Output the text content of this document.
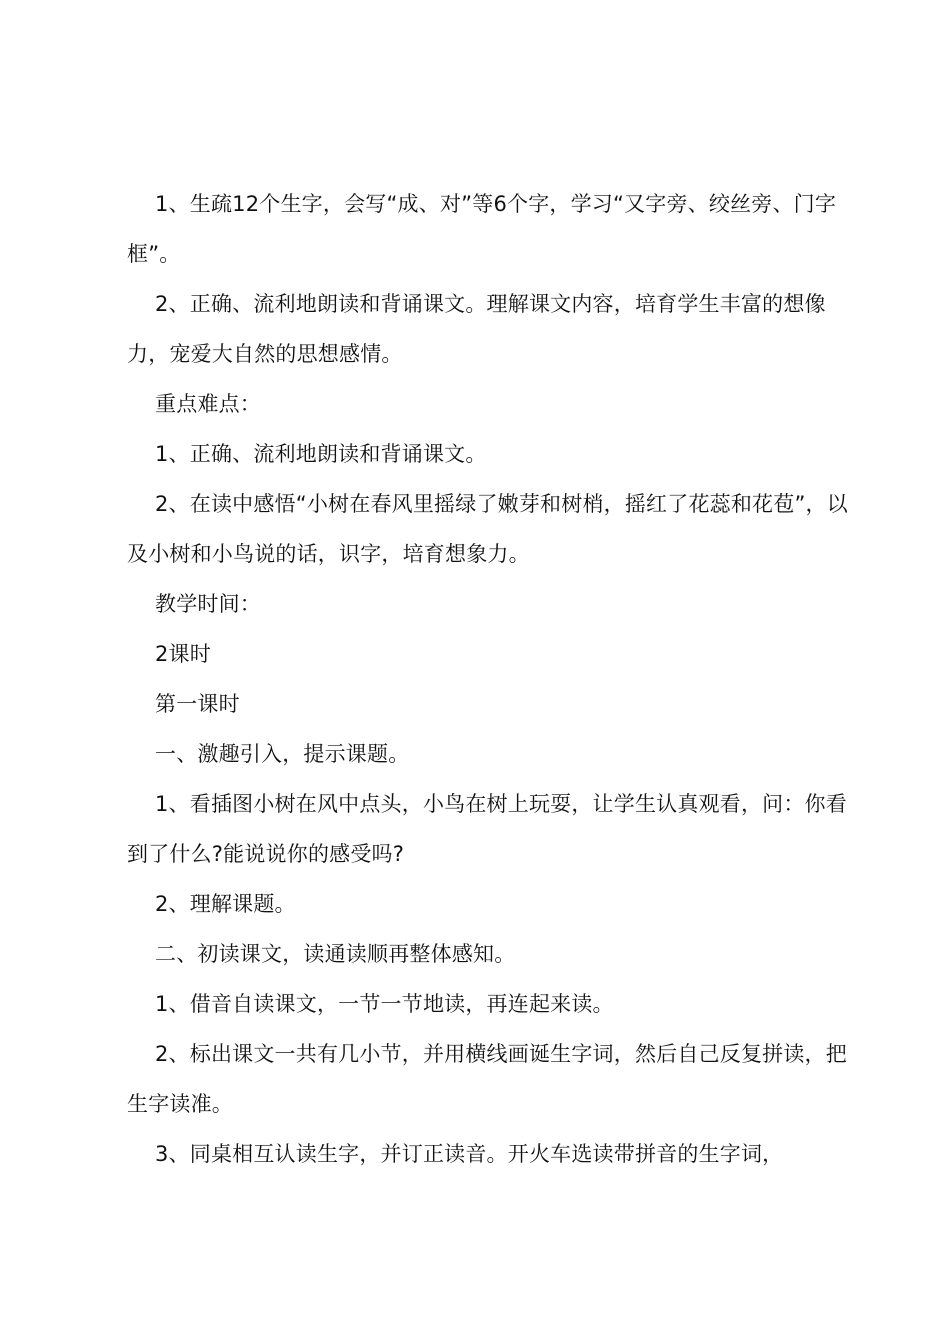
1、生疏12个生字，会写“成、对”等6个字，学习“又字旁、绞丝旁、门字框”。

2、正确、流利地朗读和背诵课文。理解课文内容，培育学生丰富的想像力，宠爱大自然的思想感情。

重点难点：

1、正确、流利地朗读和背诵课文。

2、在读中感悟“小树在春风里摇绿了嫩芽和树梢，摇红了花蕊和花苞”，以及小树和小鸟说的话，识字，培育想象力。

教学时间：

2课时

第一课时

一、激趣引入，提示课题。

1、看插图小树在风中点头，小鸟在树上玩耍，让学生认真观看，问：你看到了什么?能说说你的感受吗?

2、理解课题。

二、初读课文，读通读顺再整体感知。

1、借音自读课文，一节一节地读，再连起来读。

2、标出课文一共有几小节，并用横线画诞生字词，然后自己反复拼读，把生字读准。

3、同桌相互认读生字，并订正读音。开火车选读带拼音的生字词，
